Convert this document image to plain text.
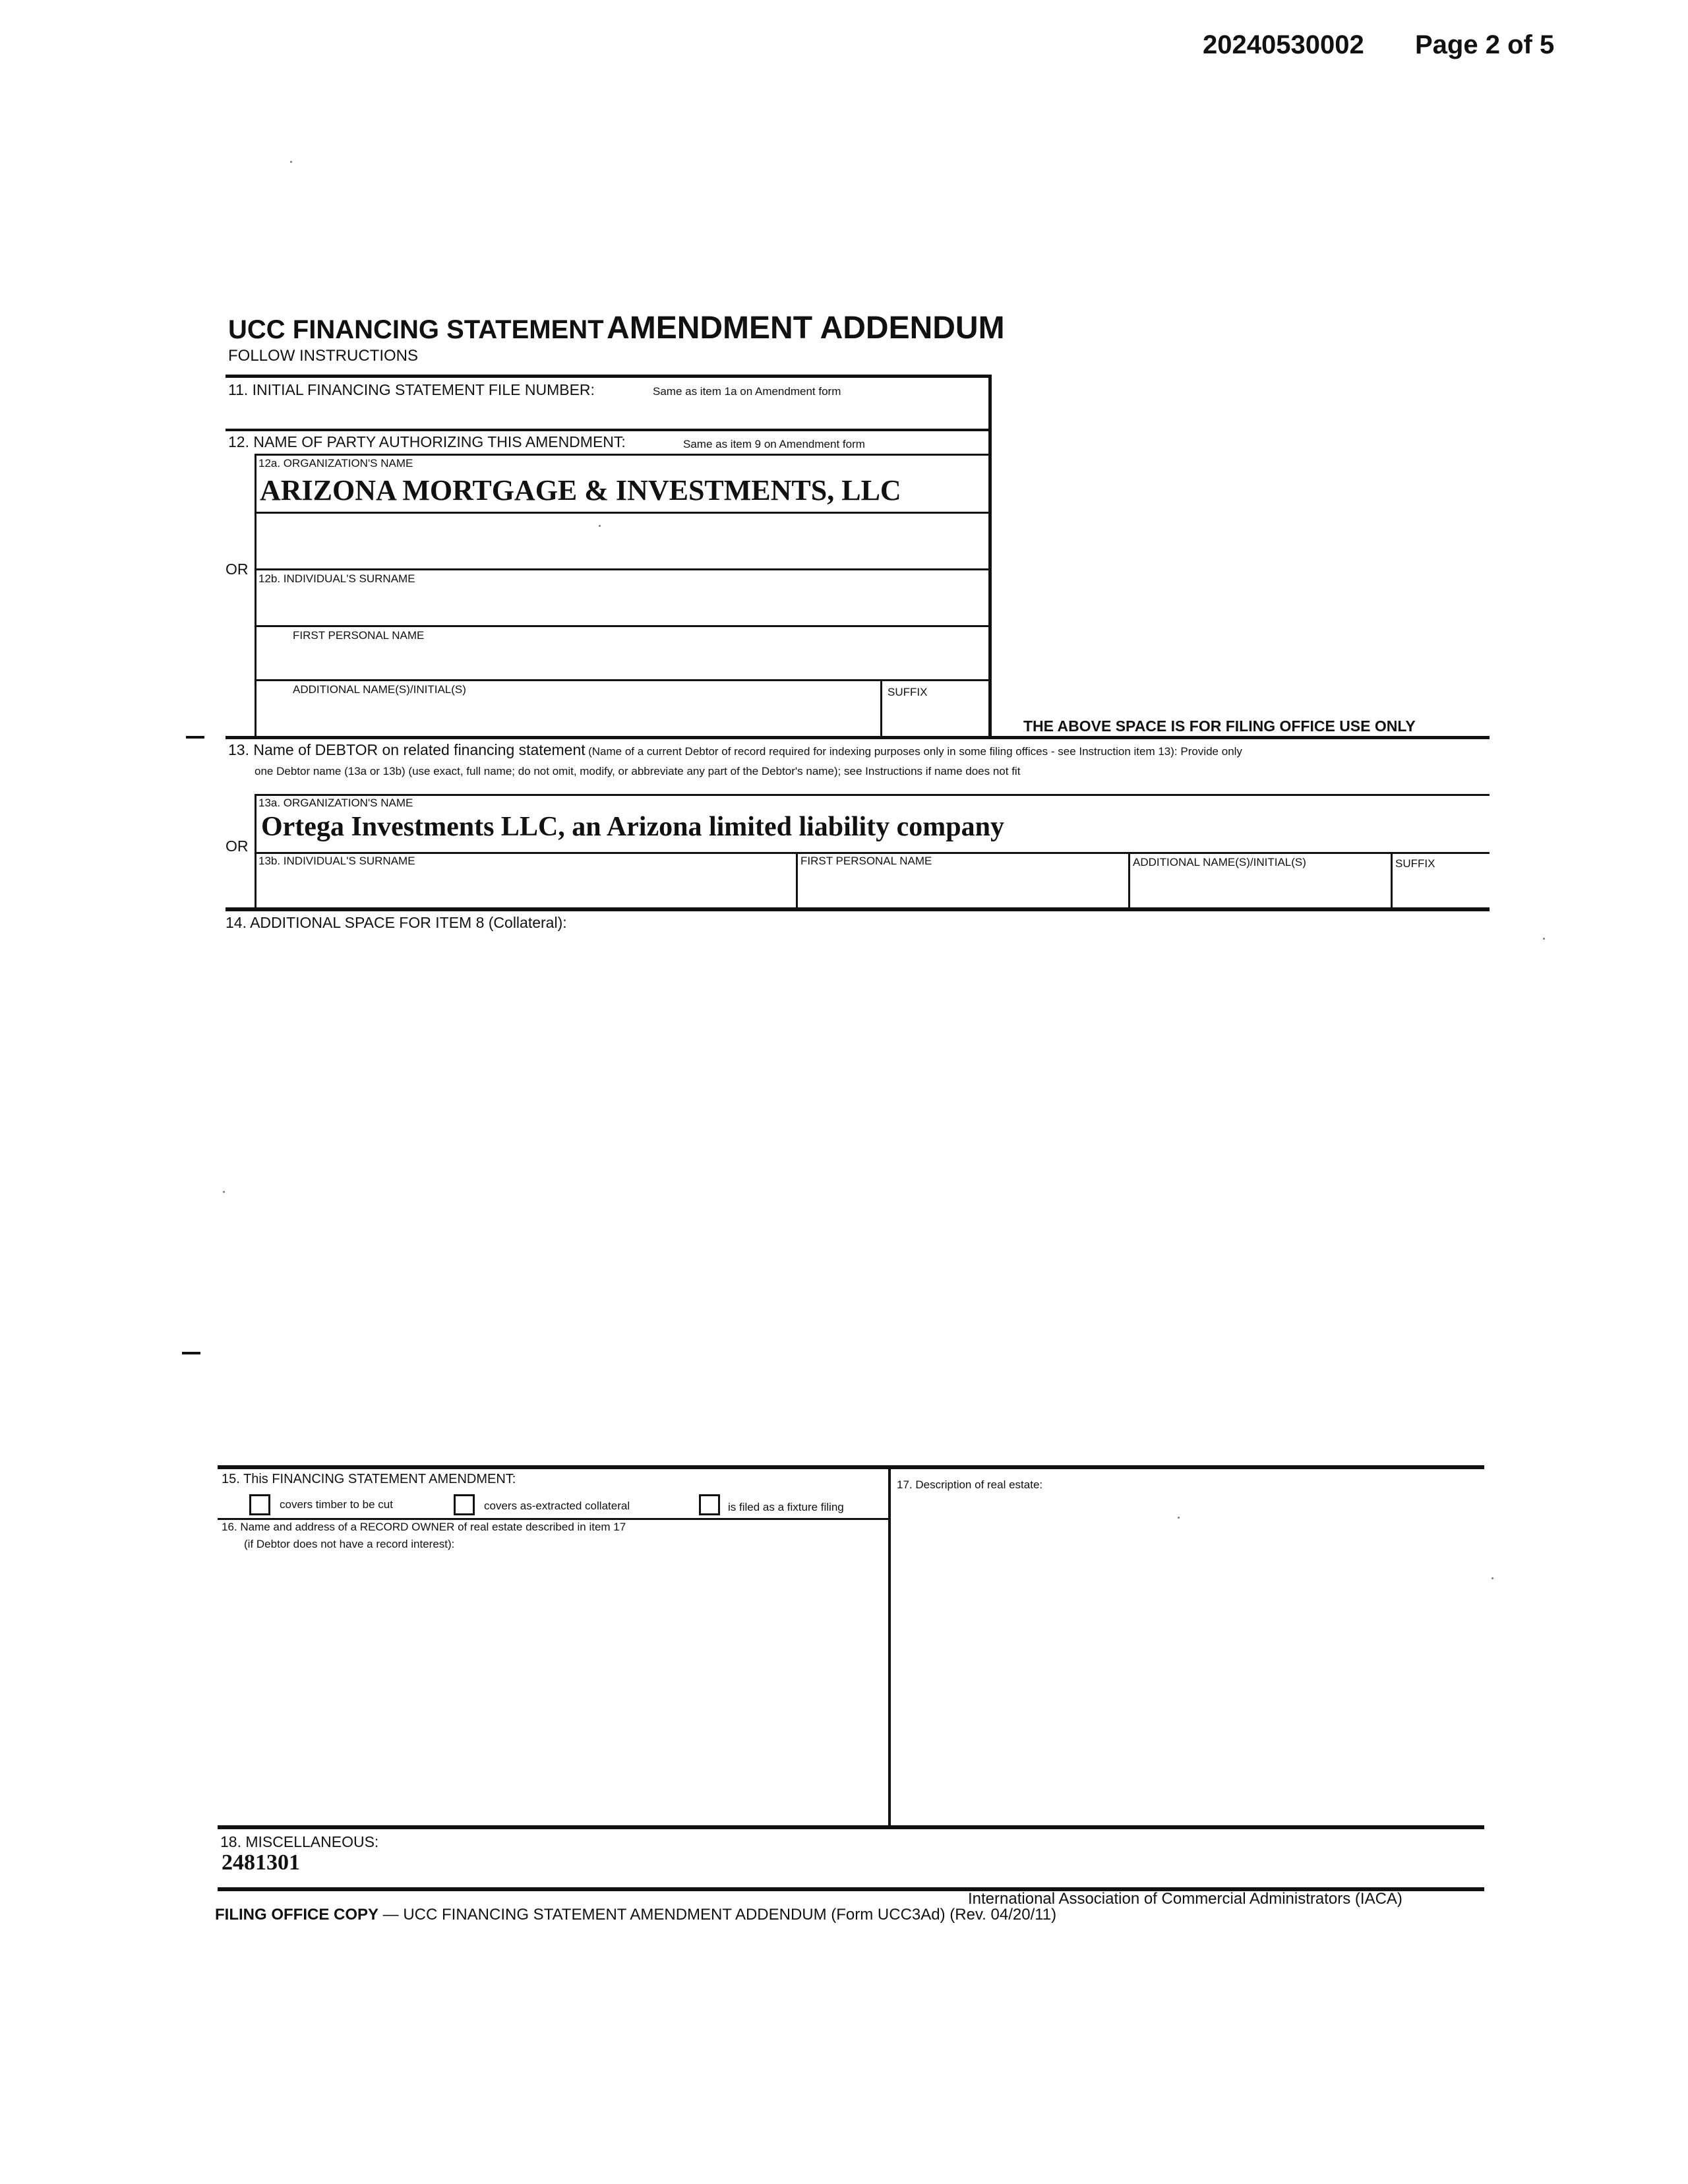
20240530002 Page 2 of 5
UCC FINANCING STATEMENT AMENDMENT ADDENDUM
FOLLOW INSTRUCTIONS
11. INITIAL FINANCING STATEMENT FILE NUMBER:	Same as item 1a on Amendment form
12. NAME OF PARTY AUTHORIZING THIS AMENDMENT:	Same as item 9 on Amendment form
12a. ORGANIZATION'S NAME
ARIZONA MORTGAGE & INVESTMENTS, LLC
OR
12b. INDIVIDUAL'S SURNAME
FIRST PERSONAL NAME
ADDITIONAL NAME(S)/INITIAL(S)	SUFFIX
THE ABOVE SPACE IS FOR FILING OFFICE USE ONLY
13. Name of DEBTOR on related financing statement (Name of a current Debtor of record required for indexing purposes only in some filing offices - see Instruction item 13): Provide only
one Debtor name (13a or 13b) (use exact, full name; do not omit, modify, or abbreviate any part of the Debtor's name); see Instructions if name does not fit
13a. ORGANIZATION'S NAME
Ortega Investments LLC, an Arizona limited liability company
OR
13b. INDIVIDUAL'S SURNAME	FIRST PERSONAL NAME	ADDITIONAL NAME(S)/INITIAL(S)	SUFFIX
14. ADDITIONAL SPACE FOR ITEM 8 (Collateral):
15. This FINANCING STATEMENT AMENDMENT:
covers timber to be cut	covers as-extracted collateral	is filed as a fixture filing
16. Name and address of a RECORD OWNER of real estate described in item 17
(if Debtor does not have a record interest):
17. Description of real estate:
18. MISCELLANEOUS:
2481301
International Association of Commercial Administrators (IACA)
FILING OFFICE COPY — UCC FINANCING STATEMENT AMENDMENT ADDENDUM (Form UCC3Ad) (Rev. 04/20/11)
